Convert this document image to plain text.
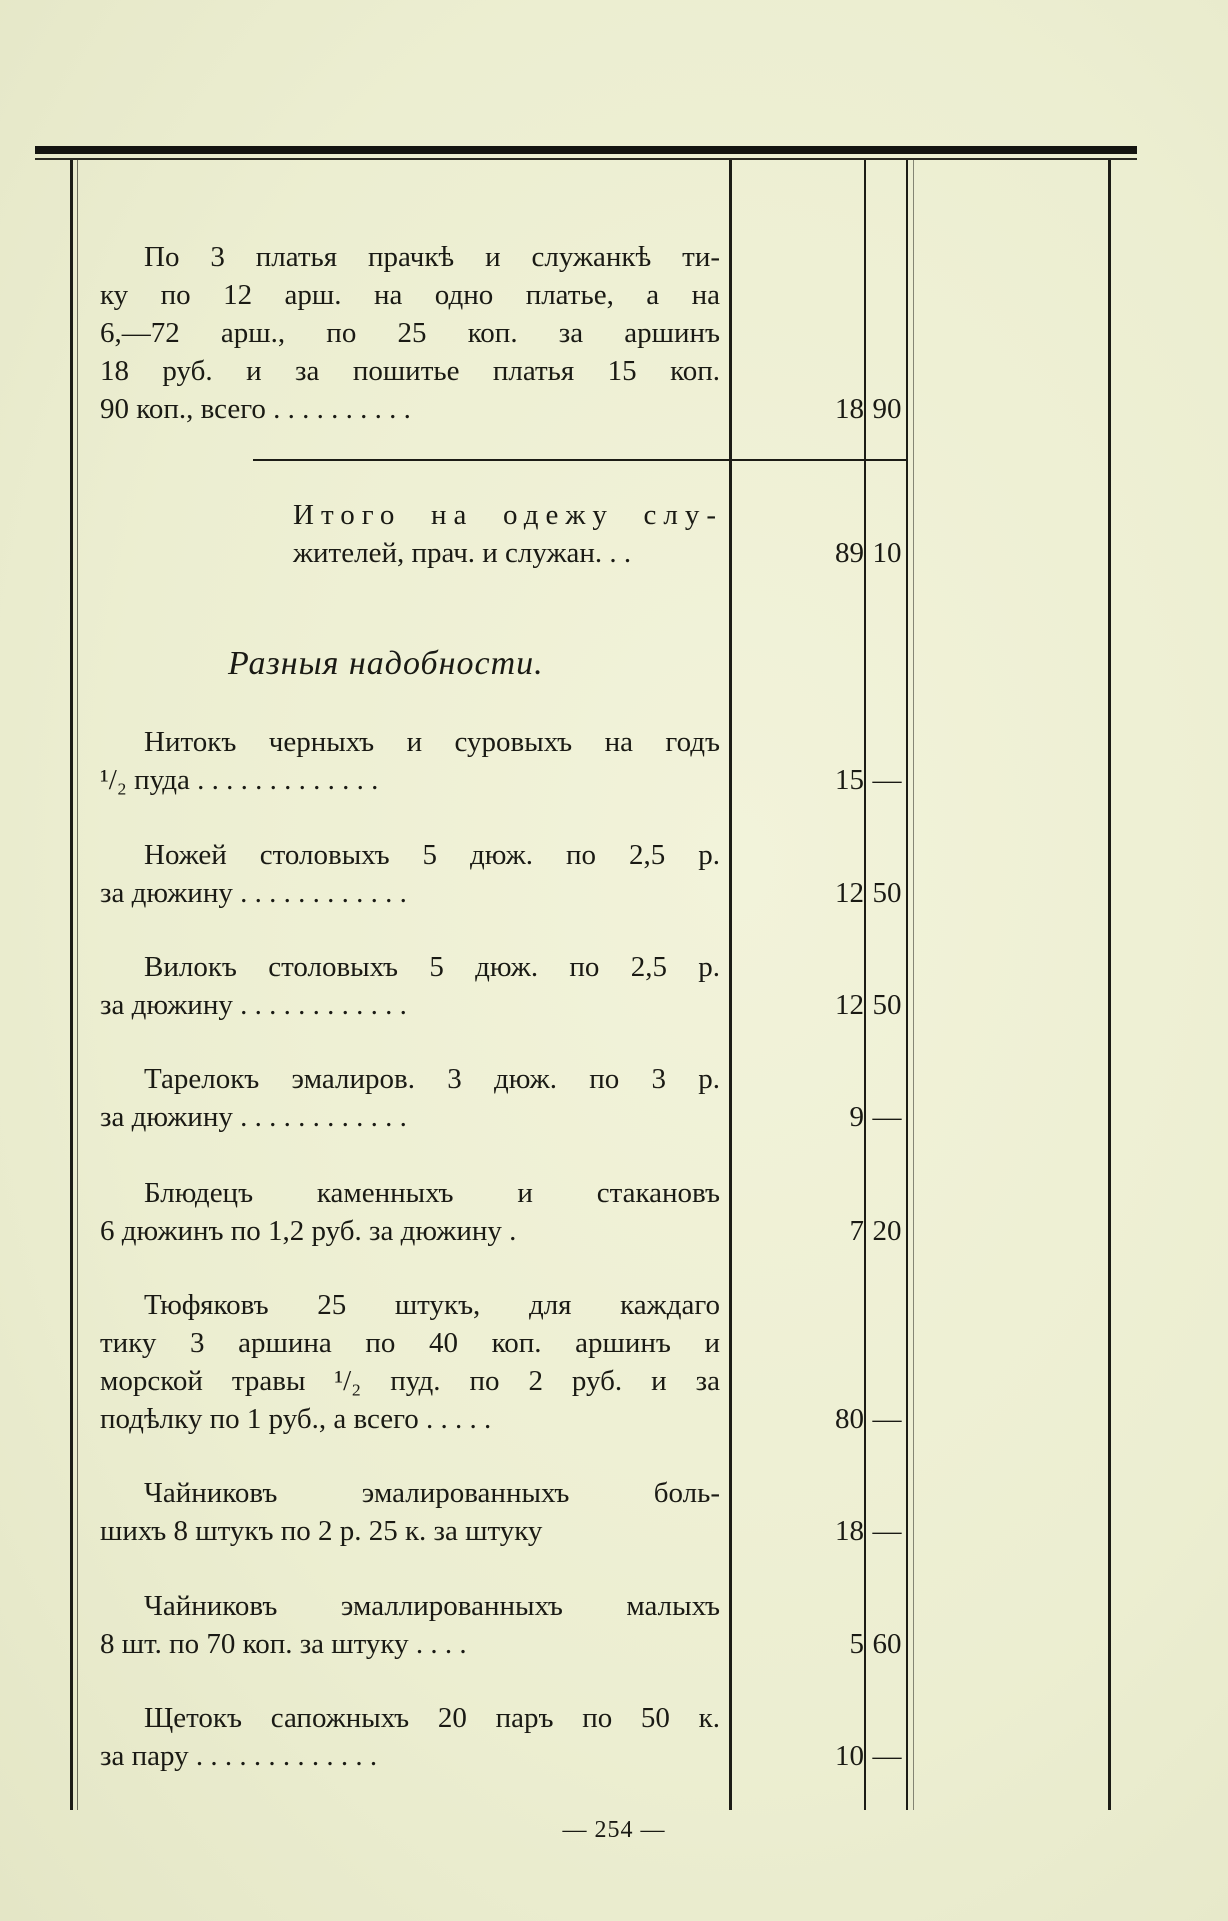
По 3 платья прачкѣ и служанкѣ ти-
ку по 12 арш. на одно платье, а на
6,—72 арш., по 25 коп. за аршинъ
18 руб. и за пошитье платья 15 коп.
90 коп., всего . . . . . . . . . .	18 90
Итого на одежу слу-
жителей, прач. и служан. . .	89 10
Разныя надобности.
Нитокъ черныхъ и суровыхъ на годъ
¹/₂ пуда . . . . . . . . . . . . .	15 —
Ножей столовыхъ 5 дюж. по 2,5 р.
за дюжину . . . . . . . . . . . .	12 50
Вилокъ столовыхъ 5 дюж. по 2,5 р.
за дюжину . . . . . . . . . . . .	12 50
Тарелокъ эмалиров. 3 дюж. по 3 р.
за дюжину . . . . . . . . . . . .	9 —
Блюдецъ каменныхъ и стакановъ
6 дюжинъ по 1,2 руб. за дюжину .	7 20
Тюфяковъ 25 штукъ, для каждаго
тику 3 аршина по 40 коп. аршинъ и
морской травы ¹/₂ пуд. по 2 руб. и за
подѣлку по 1 руб., а всего . . . . .	80 —
Чайниковъ эмалированныхъ боль-
шихъ 8 штукъ по 2 р. 25 к. за штуку	18 —
Чайниковъ эмаллированныхъ малыхъ
8 шт. по 70 коп. за штуку . . . .	5 60
Щетокъ сапожныхъ 20 паръ по 50 к.
за пару . . . . . . . . . . . . .	10 —
— 254 —
